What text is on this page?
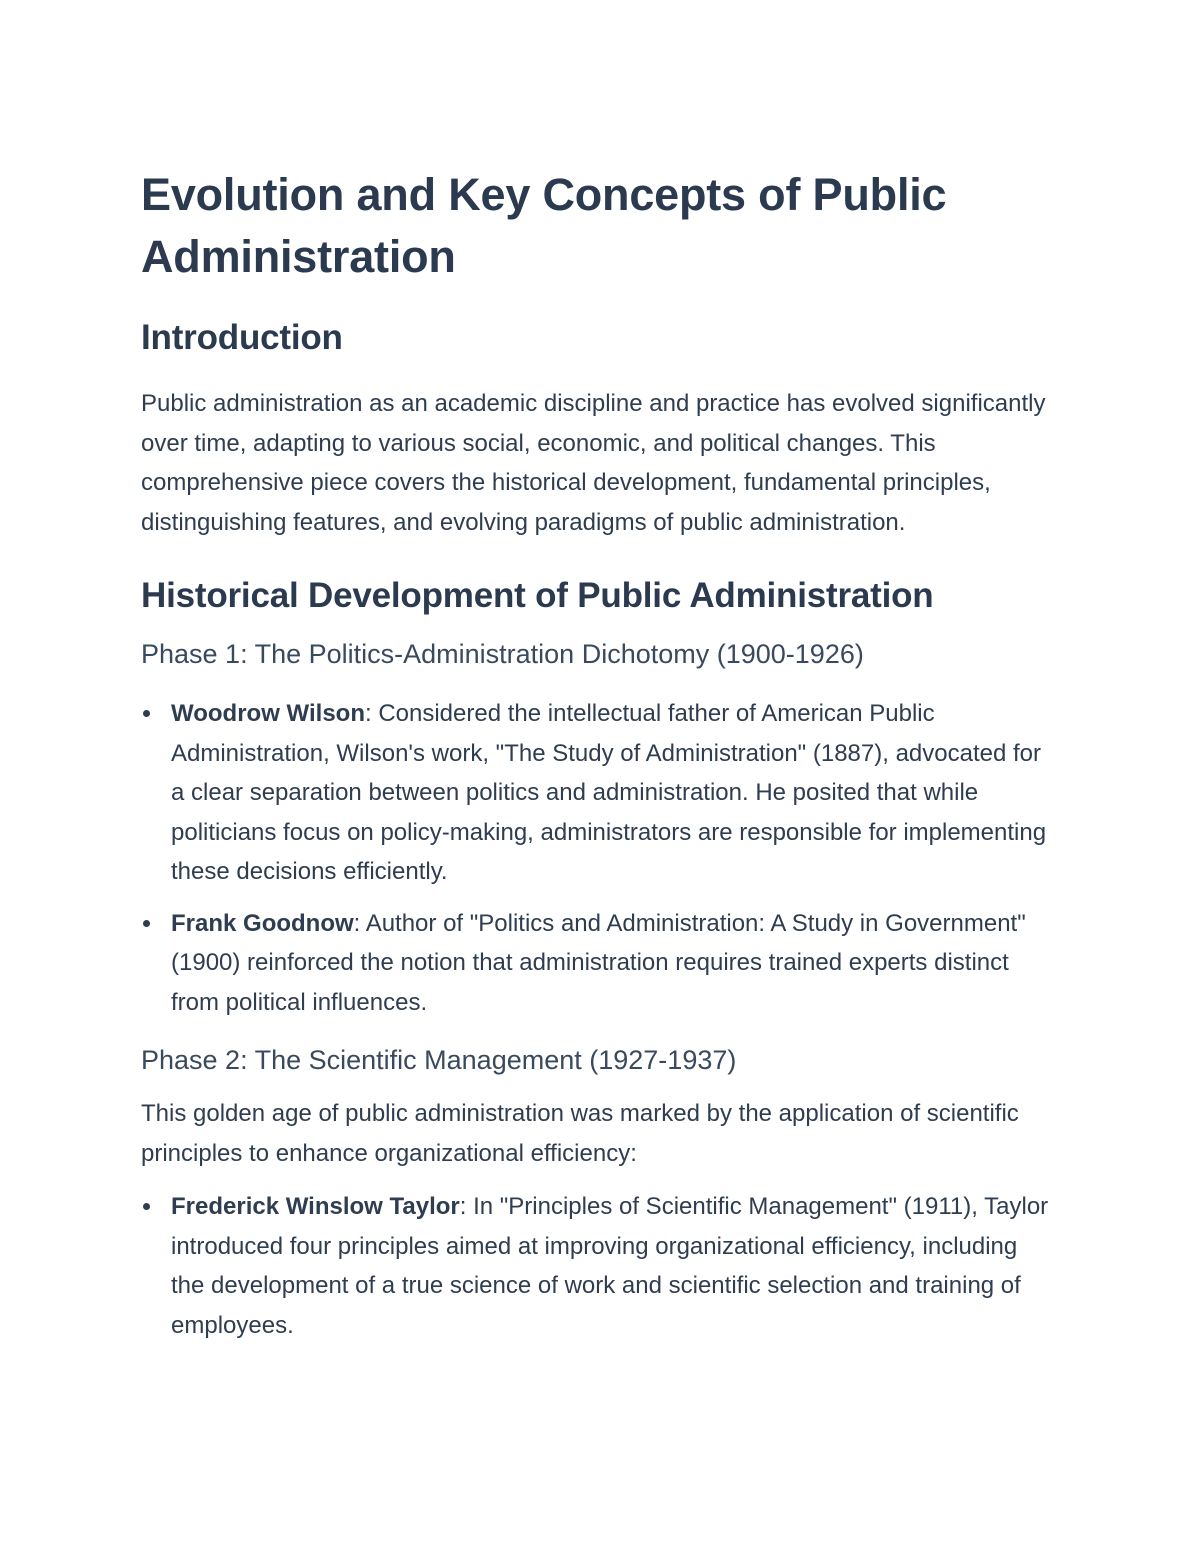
Evolution and Key Concepts of Public Administration
Introduction

Public administration as an academic discipline and practice has evolved significantly over time, adapting to various social, economic, and political changes. This comprehensive piece covers the historical development, fundamental principles, distinguishing features, and evolving paradigms of public administration.

Historical Development of Public Administration
Phase 1: The Politics-Administration Dichotomy (1900-1926)
Woodrow Wilson: Considered the intellectual father of American Public Administration, Wilson's work, "The Study of Administration" (1887), advocated for a clear separation between politics and administration. He posited that while politicians focus on policy-making, administrators are responsible for implementing these decisions efficiently.
Frank Goodnow: Author of "Politics and Administration: A Study in Government" (1900) reinforced the notion that administration requires trained experts distinct from political influences.
Phase 2: The Scientific Management (1927-1937)

This golden age of public administration was marked by the application of scientific principles to enhance organizational efficiency:

Frederick Winslow Taylor: In "Principles of Scientific Management" (1911), Taylor introduced four principles aimed at improving organizational efficiency, including the development of a true science of work and scientific selection and training of employees.
